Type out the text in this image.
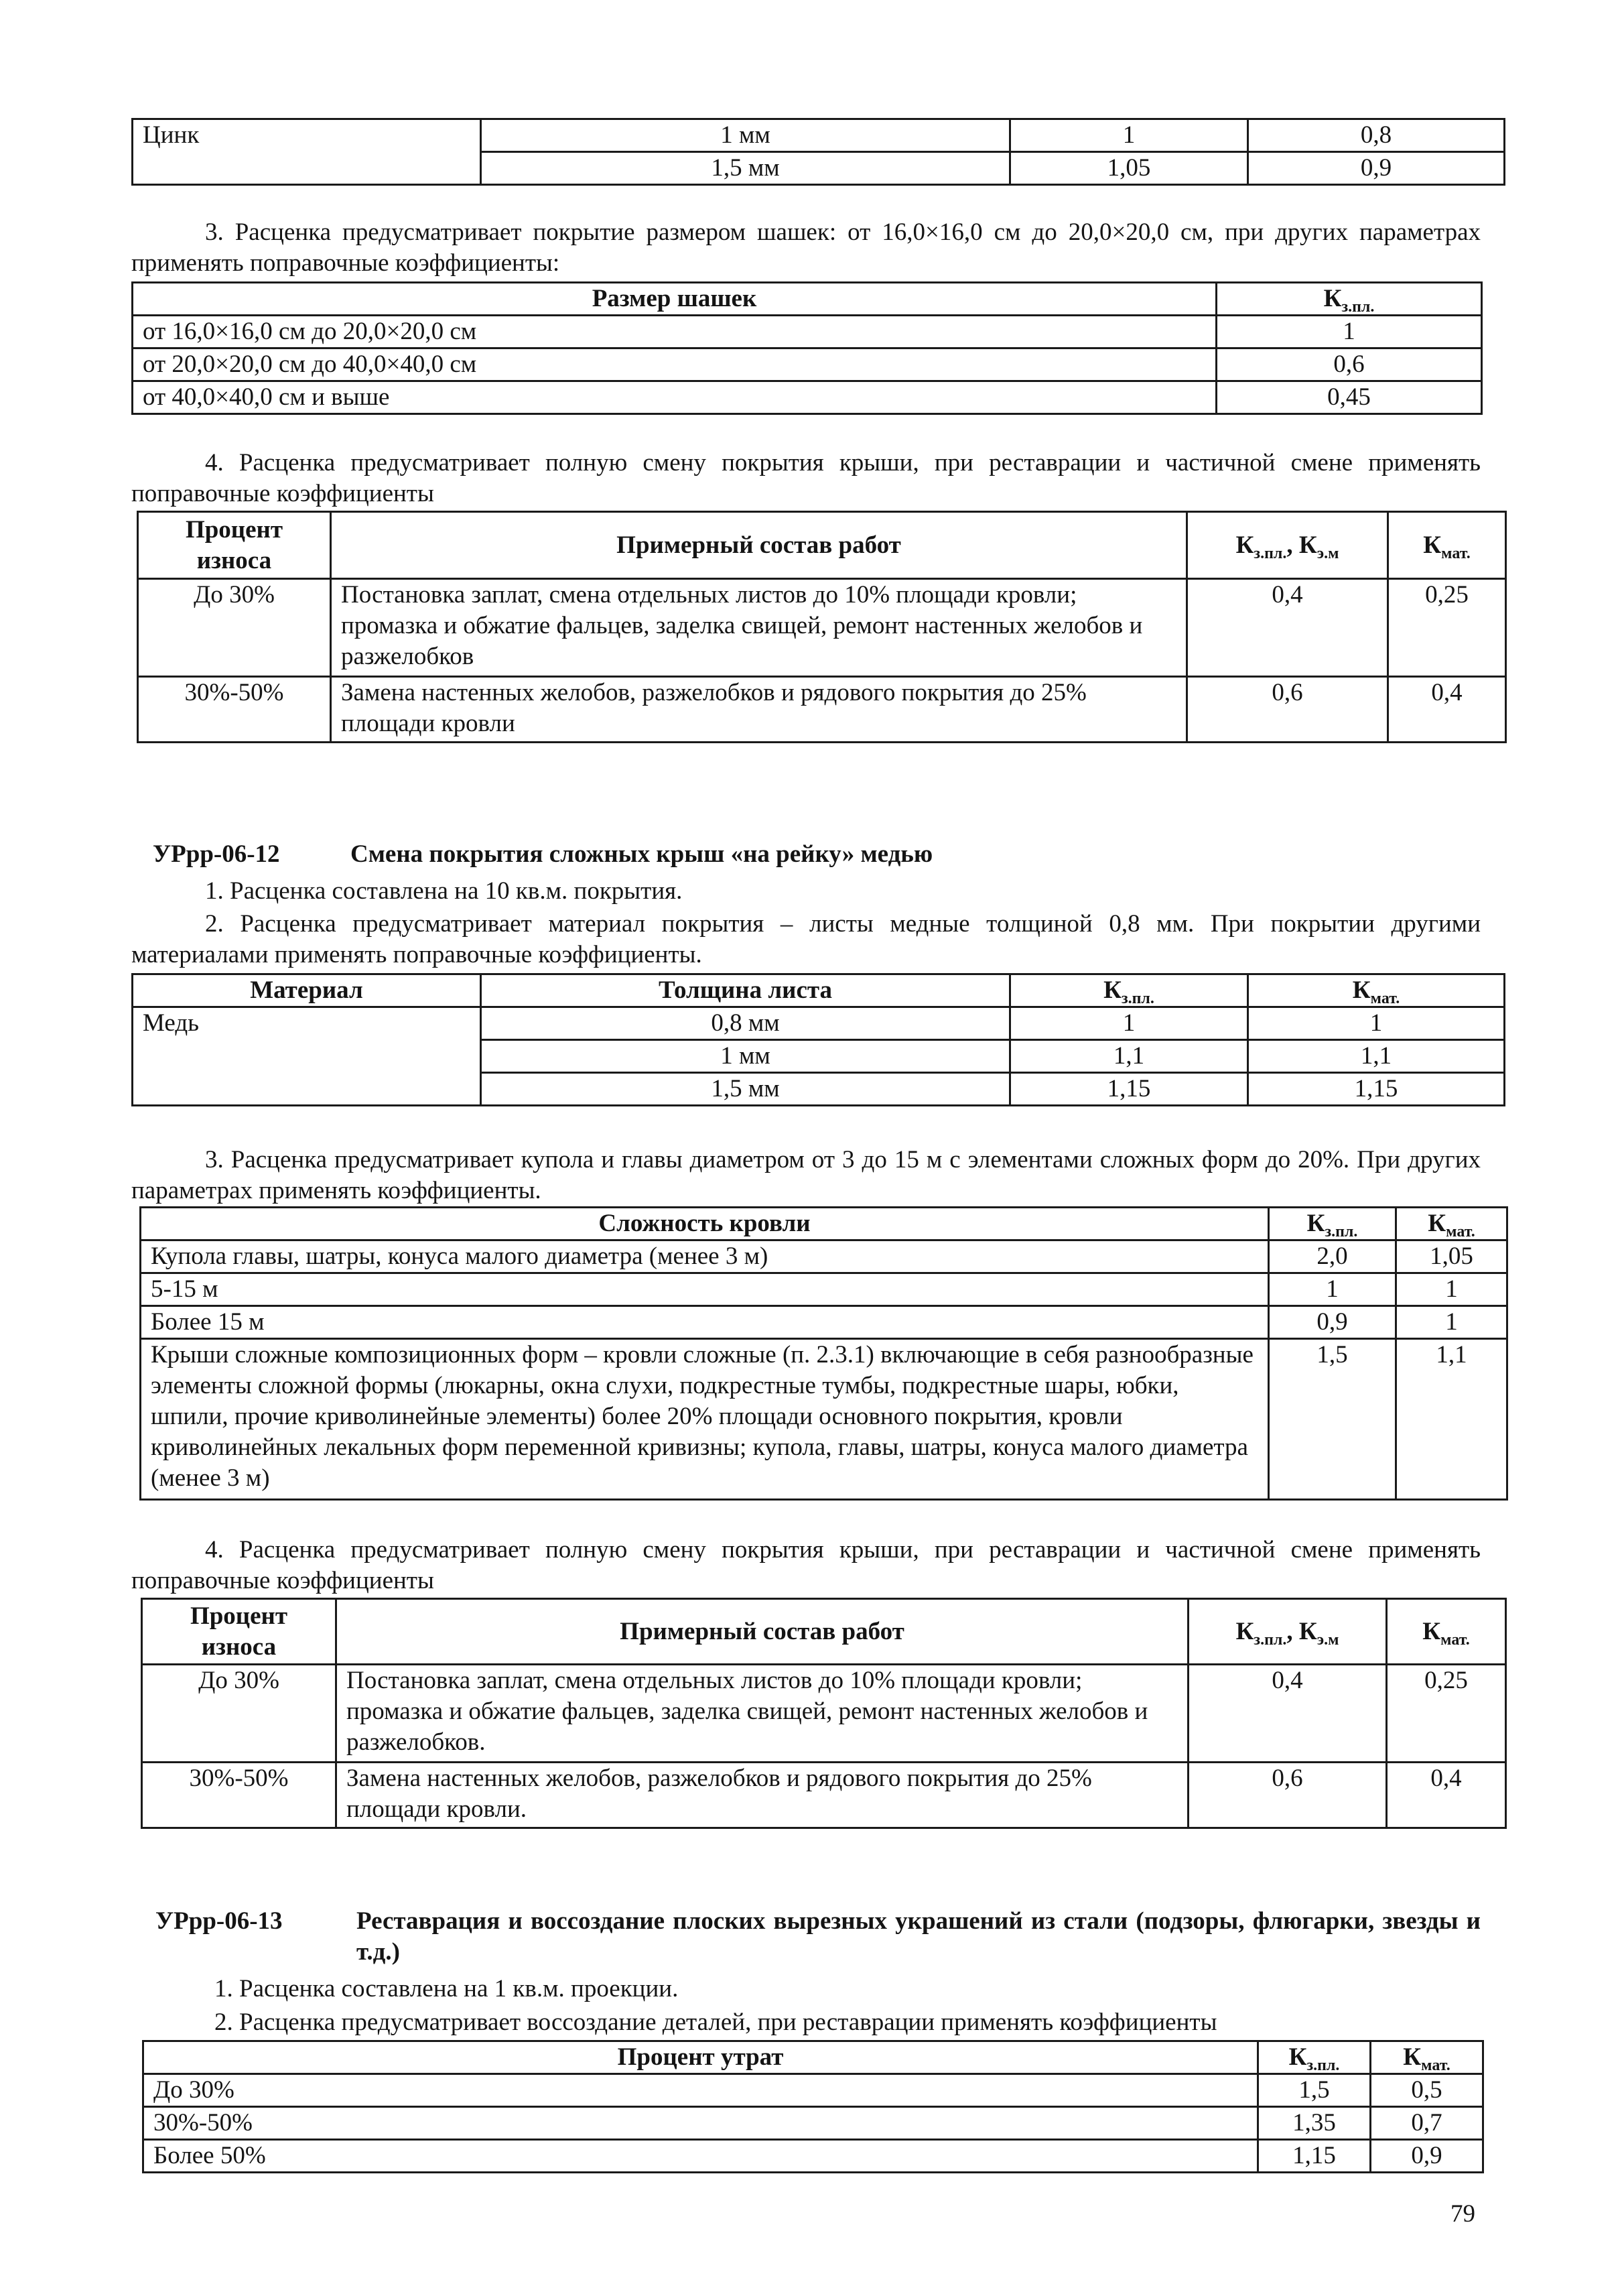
Цинк	1 мм	1	0,8
	1,5 мм	1,05	0,9
3. Расценка предусматривает покрытие размером шашек: от 16,0×16,0 см до 20,0×20,0 см, при других параметрах применять поправочные коэффициенты:
Размер шашек	$К_{з.пл.}$
от 16,0×16,0 см до 20,0×20,0 см	1
от 20,0×20,0 см до 40,0×40,0 см	0,6
от 40,0×40,0 см и выше	0,45
4. Расценка предусматривает полную смену покрытия крыши, при реставрации и частичной смене применять поправочные коэффициенты
Процент износа	Примерный состав работ	$К_{з.пл.}$, $К_{э.м}$	$К_{мат.}$
До 30%	Постановка заплат, смена отдельных листов до 10% площади кровли; промазка и обжатие фальцев, заделка свищей, ремонт настенных желобов и разжелобков	0,4	0,25
30%-50%	Замена настенных желобов, разжелобков и рядового покрытия до 25% площади кровли	0,6	0,4
УРрр-06-12	Смена покрытия сложных крыш «на рейку» медью
1. Расценка составлена на 10 кв.м. покрытия.
2. Расценка предусматривает материал покрытия – листы медные толщиной 0,8 мм. При покрытии другими материалами применять поправочные коэффициенты.
Материал	Толщина листа	$К_{з.пл.}$	$К_{мат.}$
Медь	0,8 мм	1	1
	1 мм	1,1	1,1
	1,5 мм	1,15	1,15
3. Расценка предусматривает купола и главы диаметром от 3 до 15 м с элементами сложных форм до 20%. При других параметрах применять коэффициенты.
Сложность кровли	$К_{з.пл.}$	$К_{мат.}$
Купола главы, шатры, конуса малого диаметра (менее 3 м)	2,0	1,05
5-15 м	1	1
Более 15 м	0,9	1
Крыши сложные композиционных форм – кровли сложные (п. 2.3.1) включающие в себя разнообразные элементы сложной формы (люкарны, окна слухи, подкрестные тумбы, подкрестные шары, юбки, шпили, прочие криволинейные элементы) более 20% площади основного покрытия, кровли криволинейных лекальных форм переменной кривизны; купола, главы, шатры, конуса малого диаметра (менее 3 м)	1,5	1,1
4. Расценка предусматривает полную смену покрытия крыши, при реставрации и частичной смене применять поправочные коэффициенты
Процент износа	Примерный состав работ	$К_{з.пл.}$, $К_{э.м}$	$К_{мат.}$
До 30%	Постановка заплат, смена отдельных листов до 10% площади кровли; промазка и обжатие фальцев, заделка свищей, ремонт настенных желобов и разжелобков.	0,4	0,25
30%-50%	Замена настенных желобов, разжелобков и рядового покрытия до 25% площади кровли.	0,6	0,4
УРрр-06-13	Реставрация и воссоздание плоских вырезных украшений из стали (подзоры, флюгарки, звезды и т.д.)
1. Расценка составлена на 1 кв.м. проекции.
2. Расценка предусматривает воссоздание деталей, при реставрации применять коэффициенты
Процент утрат	$К_{з.пл.}$	$К_{мат.}$
До 30%	1,5	0,5
30%-50%	1,35	0,7
Более 50%	1,15	0,9
79
